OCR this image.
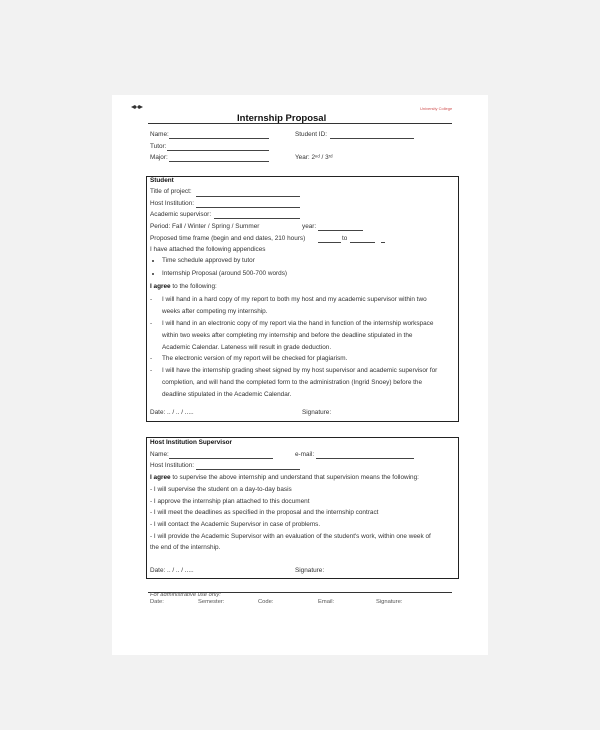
University College
Internship Proposal
Name:	Student ID:
Tutor:
Major:	Year: 2ⁿᵈ / 3ʳᵈ
Student
Title of project:
Host Institution:
Academic supervisor:
Period: Fall / Winter / Spring / Summer	year:
Proposed time frame (begin and end dates, 210 hours)	to
I have attached the following appendices
Time schedule approved by tutor
Internship Proposal (around 500-700 words)
I agree to the following:
- I will hand in a hard copy of my report to both my host and my academic supervisor within two
weeks after competing my internship.
- I will hand in an electronic copy of my report via the hand in function of the internship workspace
within two weeks after completing my internship and before the deadline stipulated in the
Academic Calendar. Lateness will result in grade deduction.
- The electronic version of my report will be checked for plagiarism.
- I will have the internship grading sheet signed by my host supervisor and academic supervisor for
completion, and will hand the completed form to the administration (Ingrid Snoey) before the
deadline stipulated in the Academic Calendar.
Date: .. / .. / .....	Signature:
Host Institution Supervisor
Name:	e-mail:
Host Institution:
I agree to supervise the above internship and understand that supervision means the following:
- I will supervise the student on a day-to-day basis
- I approve the internship plan attached to this document
- I will meet the deadlines as specified in the proposal and the internship contract
- I will contact the Academic Supervisor in case of problems.
- I will provide the Academic Supervisor with an evaluation of the student's work, within one week of
the end of the internship.
Date: .. / .. / .....	Signature:
For administrative use only:
Date:	Semester:	Code:	Email:	Signature:
